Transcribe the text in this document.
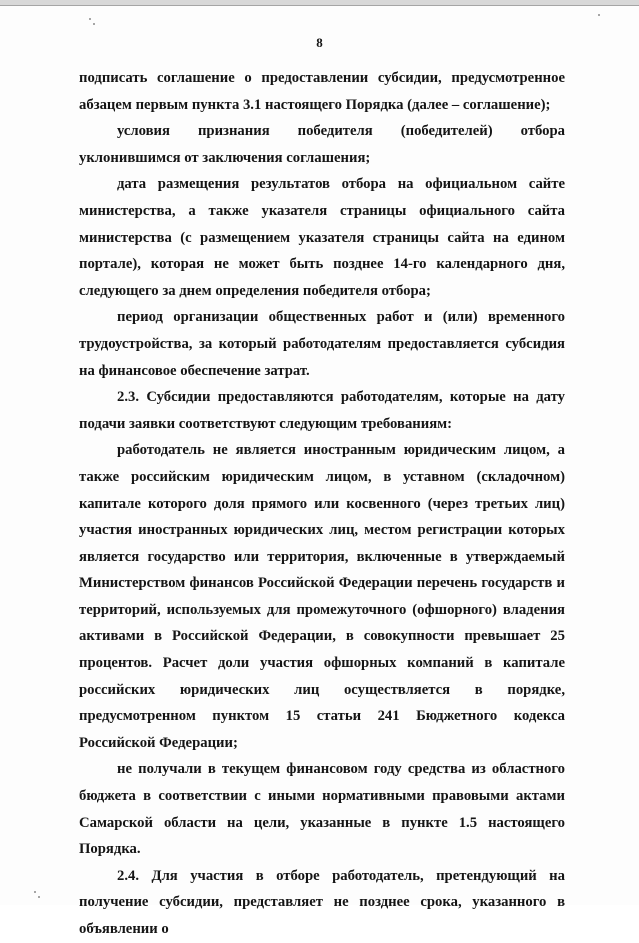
8

подписать соглашение о предоставлении субсидии, предусмотренное абзацем первым пункта 3.1 настоящего Порядка (далее – соглашение);

условия признания победителя (победителей) отбора уклонившимся от заключения соглашения;

дата размещения результатов отбора на официальном сайте министерства, а также указателя страницы официального сайта министерства (с размещением указателя страницы сайта на едином портале), которая не может быть позднее 14-го календарного дня, следующего за днем определения победителя отбора;

период организации общественных работ и (или) временного трудоустройства, за который работодателям предоставляется субсидия на финансовое обеспечение затрат.

2.3. Субсидии предоставляются работодателям, которые на дату подачи заявки соответствуют следующим требованиям:

работодатель не является иностранным юридическим лицом, а также российским юридическим лицом, в уставном (складочном) капитале которого доля прямого или косвенного (через третьих лиц) участия иностранных юридических лиц, местом регистрации которых является государство или территория, включенные в утверждаемый Министерством финансов Российской Федерации перечень государств и территорий, используемых для промежуточного (офшорного) владения активами в Российской Федерации, в совокупности превышает 25 процентов. Расчет доли участия офшорных компаний в капитале российских юридических лиц осуществляется в порядке, предусмотренном пунктом 15 статьи 241 Бюджетного кодекса Российской Федерации;

не получали в текущем финансовом году средства из областного бюджета в соответствии с иными нормативными правовыми актами Самарской области на цели, указанные в пункте 1.5 настоящего Порядка.

2.4. Для участия в отборе работодатель, претендующий на получение субсидии, представляет не позднее срока, указанного в объявлении о
